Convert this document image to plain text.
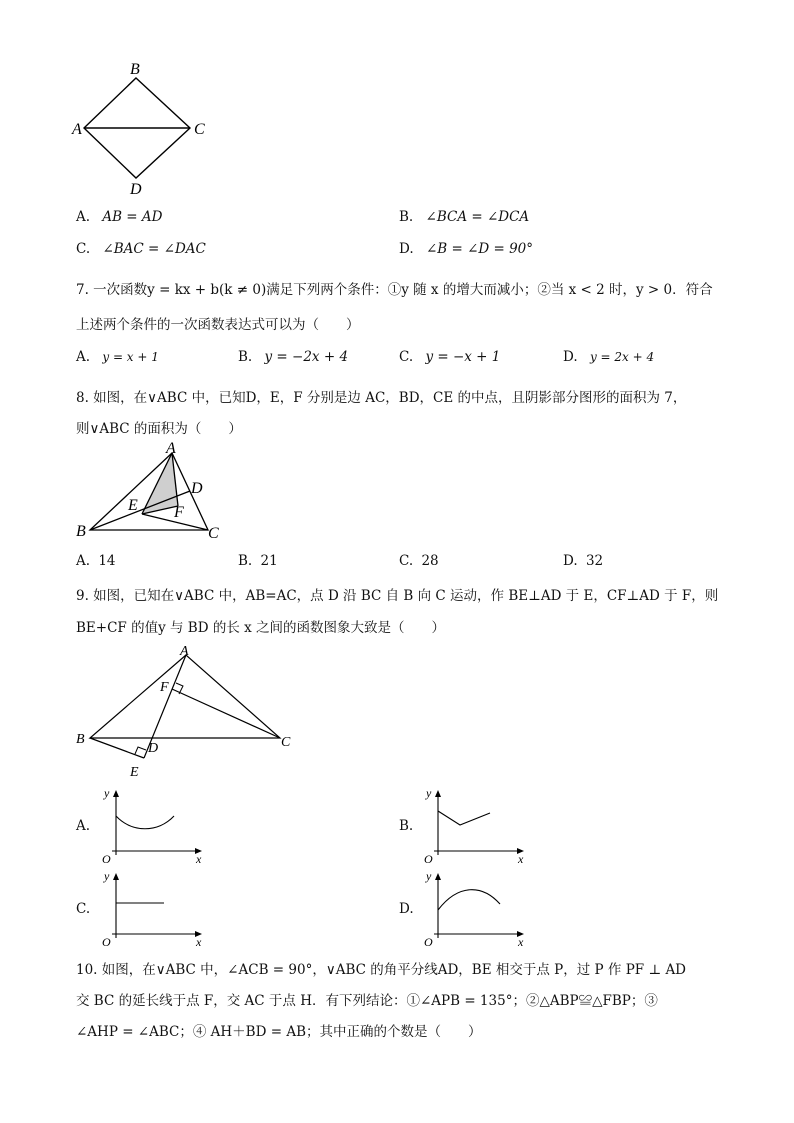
B
A	C
D
A. AB = AD	B. ∠BCA = ∠DCA
C. ∠BAC = ∠DAC	D. ∠B = ∠D = 90°
7. 一次函数y = kx + b(k ≠ 0)满足下列两个条件：①y 随 x 的增大而减小；②当 x < 2 时，y > 0．符合
上述两个条件的一次函数表达式可以为（　　）
A. y = x + 1	B. y = −2x + 4	C. y = −x + 1	D. y = 2x + 4
8. 如图，在∨ABC 中，已知D，E，F 分别是边 AC，BD，CE 的中点，且阴影部分图形的面积为 7，
则∨ABC 的面积为（　　）
A
D
E F
B	C
A. 14	B. 21	C. 28	D. 32
9. 如图，已知在∨ABC 中，AB=AC，点 D 沿 BC 自 B 向 C 运动，作 BE⊥AD 于 E，CF⊥AD 于 F，则
BE+CF 的值y 与 BD 的长 x 之间的函数图象大致是（　　）
A
F
B	C
D
E
A.
y
x
O
B.
y
x
O
C.
y
x
O
D.
y
x
O
10. 如图，在∨ABC 中，∠ACB = 90°，∨ABC 的角平分线AD，BE 相交于点 P，过 P 作 PF ⊥ AD
交 BC 的延长线于点 F，交 AC 于点 H．有下列结论：①∠APB = 135°；②△ABP≌△FBP；③
∠AHP = ∠ABC；④ AH＋BD = AB；其中正确的个数是（　　）
